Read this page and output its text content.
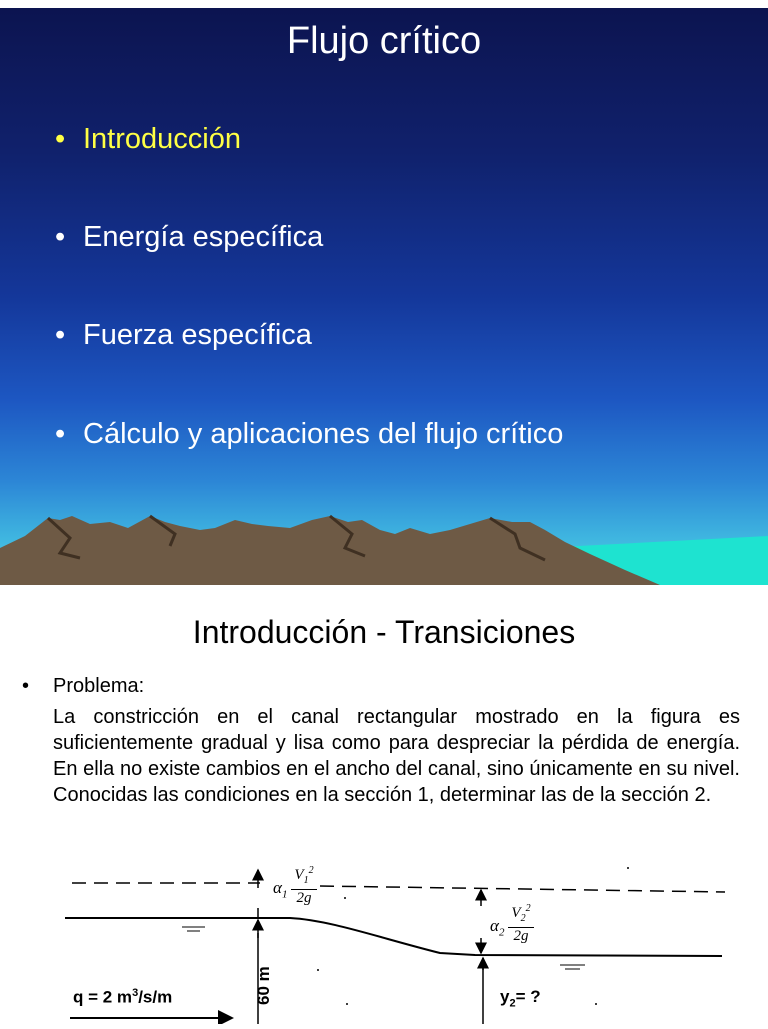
Flujo crítico
• Introducción
• Energía específica
• Fuerza específica
• Cálculo y aplicaciones del flujo crítico
Introducción - Transiciones
• Problema:
La constricción en el canal rectangular mostrado en la figura es suficientemente gradual y lisa como para despreciar la pérdida de energía. En ella no existe cambios en el ancho del canal, sino únicamente en su nivel. Conocidas las condiciones en la sección 1, determinar las de la sección 2.
$\alpha_1$
$V_1^2$
2g
$\alpha_2$
$V_2^2$
2g
q = 2 $m^3/s/m$	60 m	$y_2=$ ?
